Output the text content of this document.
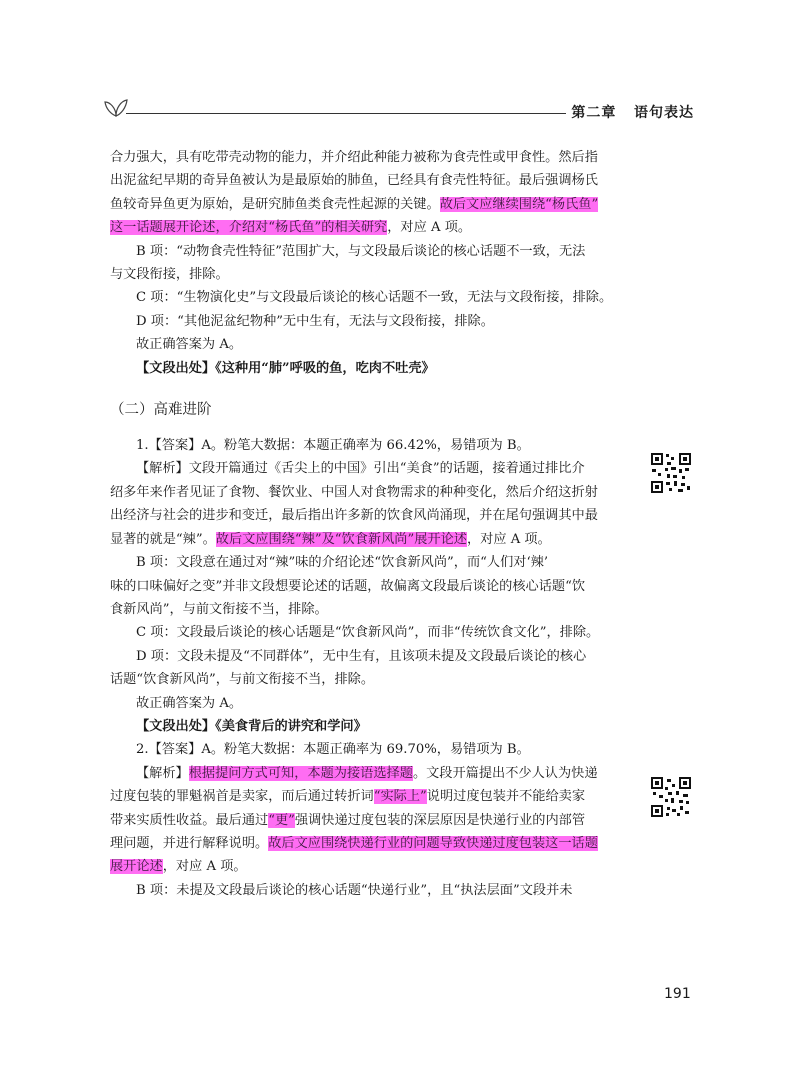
第二章 语句表达
合力强大，具有吃带壳动物的能力，并介绍此种能力被称为食壳性或甲食性。然后指
出泥盆纪早期的奇异鱼被认为是最原始的肺鱼，已经具有食壳性特征。最后强调杨氏
鱼较奇异鱼更为原始，是研究肺鱼类食壳性起源的关键。故后文应继续围绕“杨氏鱼”
这一话题展开论述，介绍对“杨氏鱼”的相关研究，对应 A 项。
B 项：“动物食壳性特征”范围扩大，与文段最后谈论的核心话题不一致，无法
与文段衔接，排除。
C 项：“生物演化史”与文段最后谈论的核心话题不一致，无法与文段衔接，排除。
D 项：“其他泥盆纪物种”无中生有，无法与文段衔接，排除。
故正确答案为 A。
【文段出处】《这种用“肺”呼吸的鱼，吃肉不吐壳》
（二）高难进阶
1.【答案】A。粉笔大数据：本题正确率为 66.42%，易错项为 B。
【解析】文段开篇通过《舌尖上的中国》引出“美食”的话题，接着通过排比介
绍多年来作者见证了食物、餐饮业、中国人对食物需求的种种变化，然后介绍这折射
出经济与社会的进步和变迁，最后指出许多新的饮食风尚涌现，并在尾句强调其中最
显著的就是“辣”。故后文应围绕“辣”及“饮食新风尚”展开论述，对应 A 项。
B 项：文段意在通过对“辣”味的介绍论述“饮食新风尚”，而“人们对‘辣’
味的口味偏好之变”并非文段想要论述的话题，故偏离文段最后谈论的核心话题“饮
食新风尚”，与前文衔接不当，排除。
C 项：文段最后谈论的核心话题是“饮食新风尚”，而非“传统饮食文化”，排除。
D 项：文段未提及“不同群体”，无中生有，且该项未提及文段最后谈论的核心
话题“饮食新风尚”，与前文衔接不当，排除。
故正确答案为 A。
【文段出处】《美食背后的讲究和学问》
2.【答案】A。粉笔大数据：本题正确率为 69.70%，易错项为 B。
【解析】根据提问方式可知，本题为接语选择题。文段开篇提出不少人认为快递
过度包装的罪魁祸首是卖家，而后通过转折词“实际上”说明过度包装并不能给卖家
带来实质性收益。最后通过“更”强调快递过度包装的深层原因是快递行业的内部管
理问题，并进行解释说明。故后文应围绕快递行业的问题导致快递过度包装这一话题
展开论述，对应 A 项。
B 项：未提及文段最后谈论的核心话题“快递行业”，且“执法层面”文段并未
191
